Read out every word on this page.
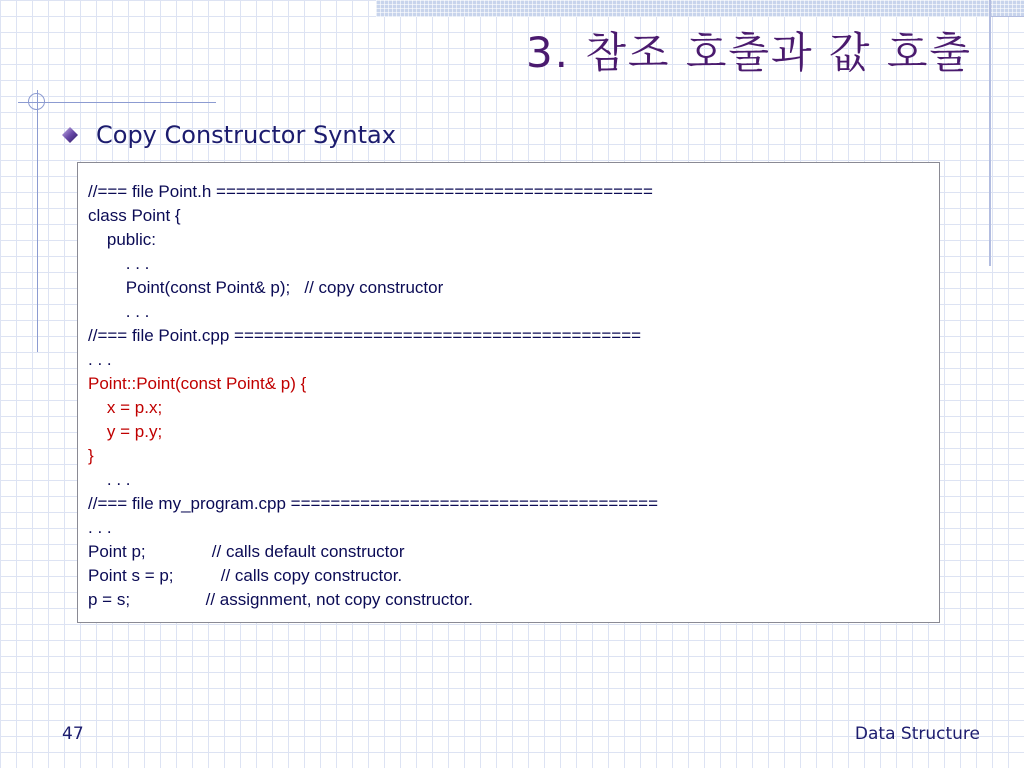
3. 참조 호출과 값 호출
Copy Constructor Syntax
//=== file Point.h ============================================
class Point {
public:
. . .
Point(const Point& p);   // copy constructor
. . .
//=== file Point.cpp =========================================
. . .
Point::Point(const Point& p) {
x = p.x;
y = p.y;
}
. . .
//=== file my_program.cpp =====================================
. . .
Point p;              // calls default constructor
Point s = p;          // calls copy constructor.
p = s;                // assignment, not copy constructor.
47	Data Structure
